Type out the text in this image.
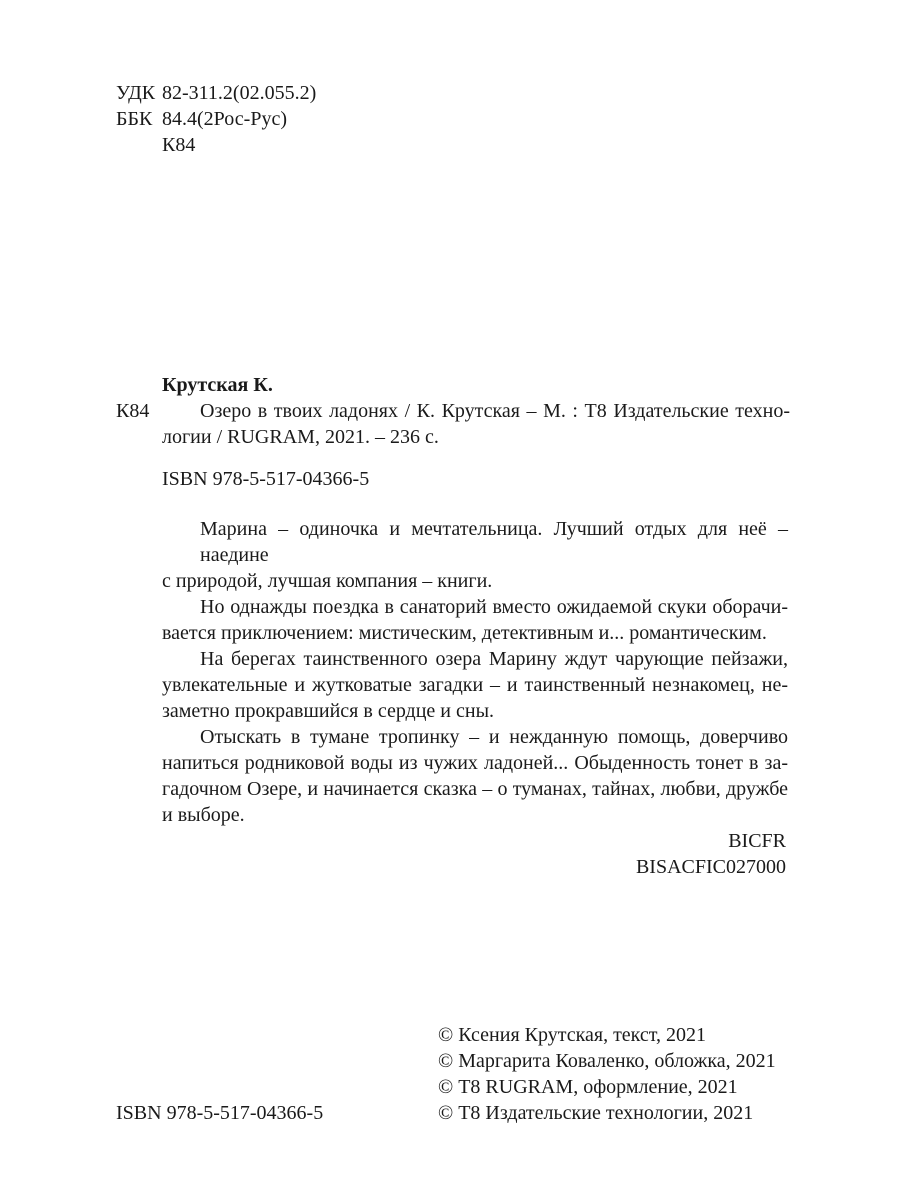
УДК 82-311.2(02.055.2)
ББК 84.4(2Рос-Рус)
К84
Крутская К.
К84	Озеро в твоих ладонях / К. Крутская – М. : Т8 Издательские техно-
логии / RUGRAM, 2021. – 236 с.
ISBN 978-5-517-04366-5
Марина – одиночка и мечтательница. Лучший отдых для неё – наедине
с природой, лучшая компания – книги.
Но однажды поездка в санаторий вместо ожидаемой скуки оборачи-
вается приключением: мистическим, детективным и... романтическим.
На берегах таинственного озера Марину ждут чарующие пейзажи,
увлекательные и жутковатые загадки – и таинственный незнакомец, не-
заметно прокравшийся в сердце и сны.
Отыскать в тумане тропинку – и нежданную помощь, доверчиво
напиться родниковой воды из чужих ладоней... Обыденность тонет в за-
гадочном Озере, и начинается сказка – о туманах, тайнах, любви, дружбе
и выборе.
BICFR
BISACFIC027000
© Ксения Крутская, текст, 2021
© Маргарита Коваленко, обложка, 2021
© Т8 RUGRAM, оформление, 2021
© Т8 Издательские технологии, 2021
ISBN 978-5-517-04366-5
